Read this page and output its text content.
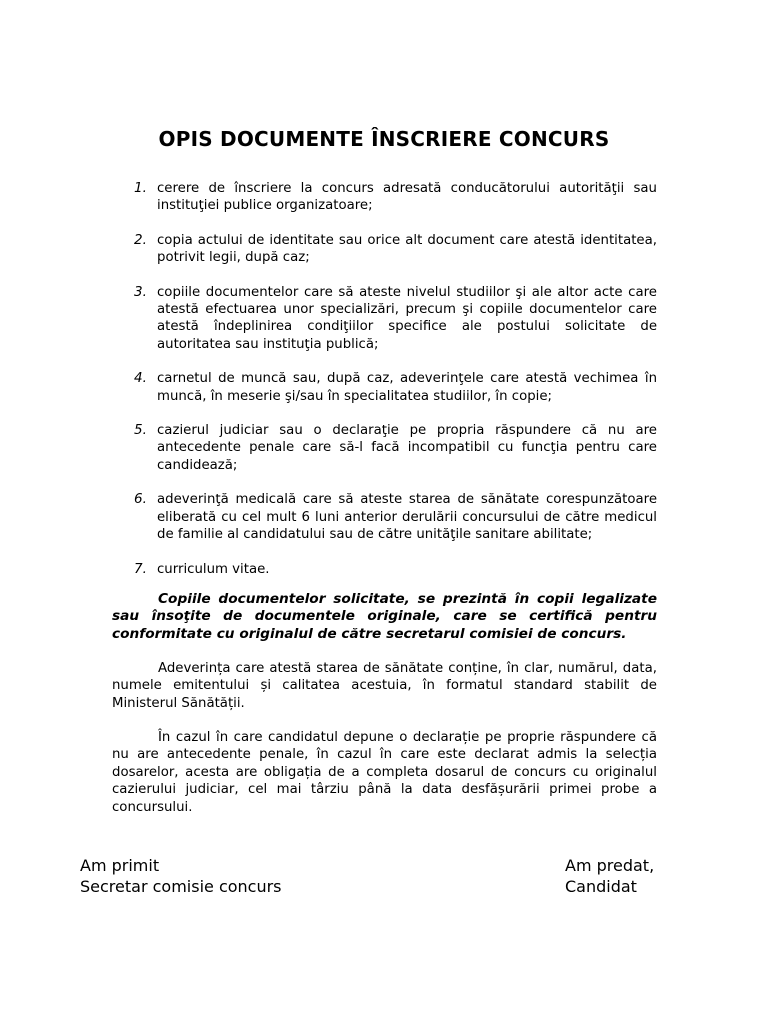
OPIS DOCUMENTE ÎNSCRIERE CONCURS
1. cerere de înscriere la concurs adresată conducătorului autorităţii sau instituţiei publice organizatoare;
2. copia actului de identitate sau orice alt document care atestă identitatea, potrivit legii, după caz;
3. copiile documentelor care să ateste nivelul studiilor şi ale altor acte care atestă efectuarea unor specializări, precum şi copiile documentelor care atestă îndeplinirea condiţiilor specifice ale postului solicitate de autoritatea sau instituţia publică;
4. carnetul de muncă sau, după caz, adeverinţele care atestă vechimea în muncă, în meserie şi/sau în specialitatea studiilor, în copie;
5. cazierul judiciar sau o declaraţie pe propria răspundere că nu are antecedente penale care să-l facă incompatibil cu funcţia pentru care candidează;
6. adeverinţă medicală care să ateste starea de sănătate corespunzătoare eliberată cu cel mult 6 luni anterior derulării concursului de către medicul de familie al candidatului sau de către unităţile sanitare abilitate;
7. curriculum vitae.

Copiile documentelor solicitate, se prezintă în copii legalizate sau însoţite de documentele originale, care se certifică pentru conformitate cu originalul de către secretarul comisiei de concurs.

Adeverința care atestă starea de sănătate conține, în clar, numărul, data, numele emitentului și calitatea acestuia, în formatul standard stabilit de Ministerul Sănătății.

În cazul în care candidatul depune o declarație pe proprie răspundere că nu are antecedente penale, în cazul în care este declarat admis la selecția dosarelor, acesta are obligația de a completa dosarul de concurs cu originalul cazierului judiciar, cel mai târziu până la data desfășurării primei probe a concursului.

Am primit
Secretar comisie concurs
Am predat,
Candidat
